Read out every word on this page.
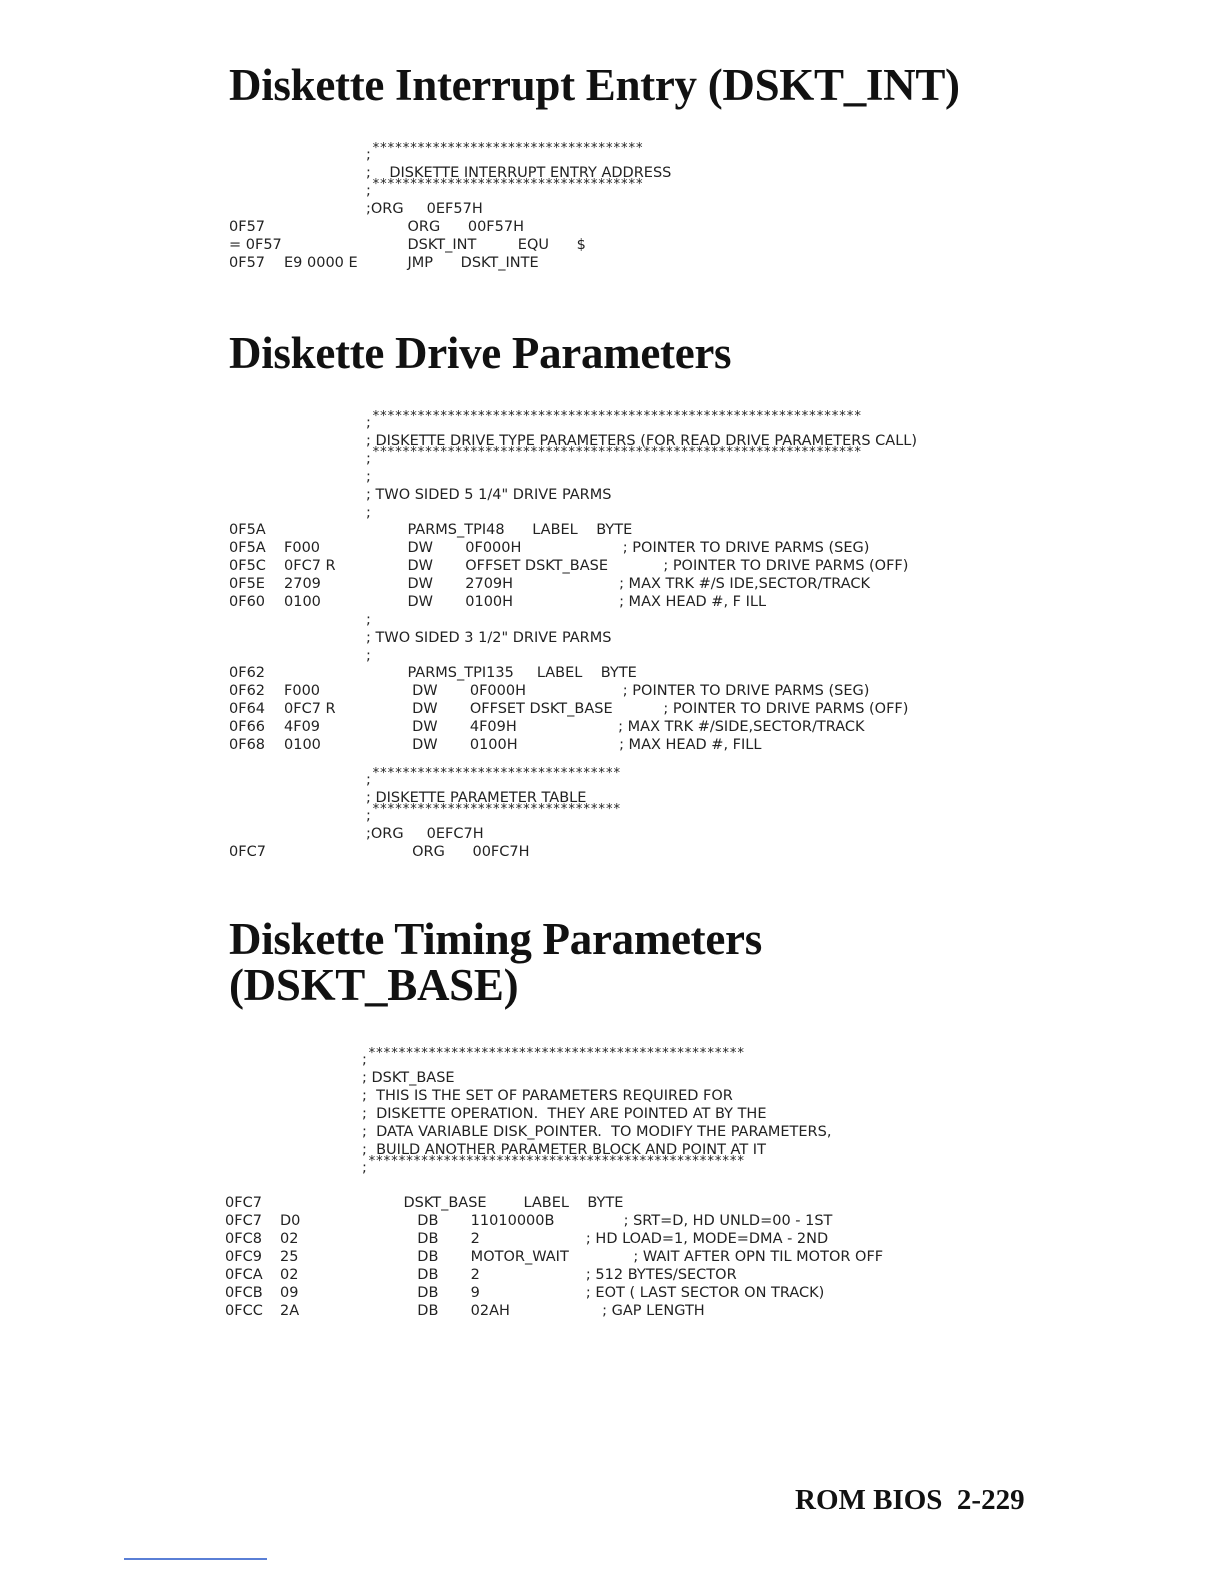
Diskette Interrupt Entry (DSKT_INT)
Diskette Drive Parameters
Diskette Timing Parameters
(DSKT_BASE)
; ************************************
;    DISKETTE INTERRUPT ENTRY ADDRESS
; ************************************
;ORG     0EF57H
0F57	ORG      00F57H
= 0F57	DSKT_INT         EQU      $
0F57 E9 0000 E JMP      DSKT_INTE
; *****************************************************************
; DISKETTE DRIVE TYPE PARAMETERS (FOR READ DRIVE PARAMETERS CALL)
; *****************************************************************
;
; TWO SIDED 5 1/4" DRIVE PARMS
;
0F5A	PARMS_TPI48      LABEL    BYTE
0F5A F000	DW       0F000H                      ; POINTER TO DRIVE PARMS (SEG)
0F5C 0FC7 R DW       OFFSET DSKT_BASE            ; POINTER TO DRIVE PARMS (OFF)
0F5E 2709	DW       2709H                       ; MAX TRK #/S IDE,SECTOR/TRACK
0F60 0100	DW       0100H                       ; MAX HEAD #, F ILL
;
; TWO SIDED 3 1/2" DRIVE PARMS
;
0F62	PARMS_TPI135     LABEL    BYTE
0F62 F000	DW       0F000H                     ; POINTER TO DRIVE PARMS (SEG)
0F64 0FC7 R DW       OFFSET DSKT_BASE           ; POINTER TO DRIVE PARMS (OFF)
0F66 4F09	DW       4F09H                      ; MAX TRK #/SIDE,SECTOR/TRACK
0F68 0100	DW       0100H                      ; MAX HEAD #, FILL
; *********************************
; DISKETTE PARAMETER TABLE
; *********************************
;ORG     0EFC7H
0FC7	ORG      00FC7H
; **************************************************
; DSKT_BASE
;  THIS IS THE SET OF PARAMETERS REQUIRED FOR
;  DISKETTE OPERATION.  THEY ARE POINTED AT BY THE
;  DATA VARIABLE DISK_POINTER.  TO MODIFY THE PARAMETERS,
;  BUILD ANOTHER PARAMETER BLOCK AND POINT AT IT
; **************************************************
0FC7	DSKT_BASE        LABEL    BYTE
0FC7 D0	DB       11010000B               ; SRT=D, HD UNLD=00 - 1ST
0FC8 02	DB       2                       ; HD LOAD=1, MODE=DMA - 2ND
0FC9 25	DB       MOTOR_WAIT              ; WAIT AFTER OPN TIL MOTOR OFF
0FCA 02	DB       2                       ; 512 BYTES/SECTOR
0FCB 09	DB       9                       ; EOT ( LAST SECTOR ON TRACK)
0FCC 2A	DB       02AH                    ; GAP LENGTH
ROM BIOS  2-229
